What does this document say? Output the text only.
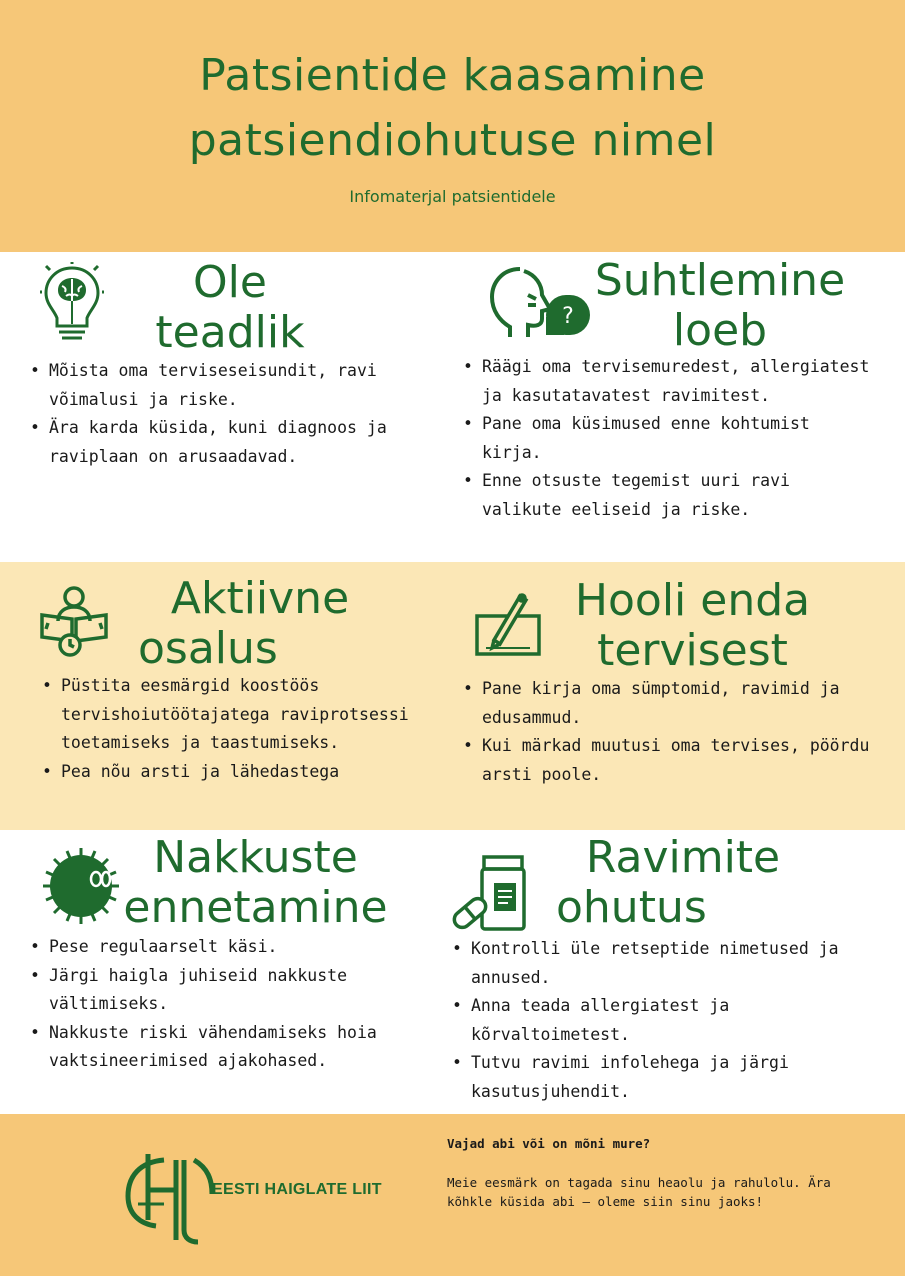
Patsientide kaasamine
patsiendiohutuse nimel
Infomaterjal patsientidele
Ole
teadlik
• Mõista oma terviseseisundit, ravi võimalusi ja riske.
• Ära karda küsida, kuni diagnoos ja raviplaan on arusaadavad.
?
Suhtlemine
loeb
• Räägi oma tervisemuredest, allergiatest ja kasutatavatest ravimitest.
• Pane oma küsimused enne kohtumist kirja.
• Enne otsuste tegemist uuri ravi valikute eeliseid ja riske.
Aktiivne
osalus
• Püstita eesmärgid koostöös tervishoiutöötajatega raviprotsessi toetamiseks ja taastumiseks.
• Pea nõu arsti ja lähedastega
Hooli enda
tervisest
• Pane kirja oma sümptomid, ravimid ja edusammud.
• Kui märkad muutusi oma tervises, pöördu arsti poole.
Nakkuste
ennetamine
• Pese regulaarselt käsi.
• Järgi haigla juhiseid nakkuste vältimiseks.
• Nakkuste riski vähendamiseks hoia vaktsineerimised ajakohased.
Ravimite
ohutus
• Kontrolli üle retseptide nimetused ja annused.
• Anna teada allergiatest ja kõrvaltoimetest.
• Tutvu ravimi infolehega ja järgi kasutusjuhendit.
EESTI HAIGLATE LIIT
Vajad abi või on mõni mure?
Meie eesmärk on tagada sinu heaolu ja rahulolu. Ära kõhkle küsida abi – oleme siin sinu jaoks!
